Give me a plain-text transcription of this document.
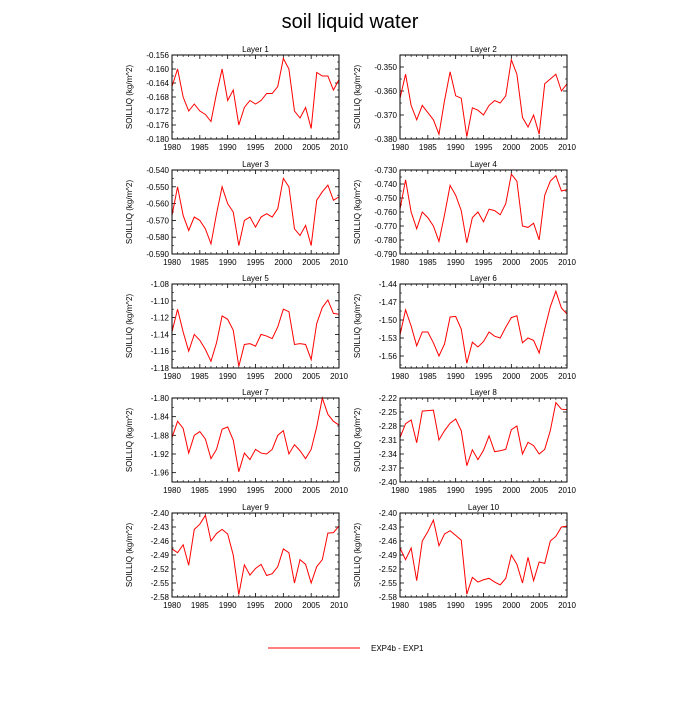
soil liquid water
Layer 1
SOILLIQ (kg/m^2)
-0.156
-0.160
-0.164
-0.168
-0.172
-0.176
-0.180
1980 1985 1990 1995 2000 2005 2010
Layer 2
SOILLIQ (kg/m^2) -0.350
-0.360
-0.370
-0.380
1980 1985 1990 1995 2000 2005 2010
Layer 3
SOILLIQ (kg/m^2)
-0.540
-0.550
-0.560
-0.570
-0.580
-0.590
1980 1985 1990 1995 2000 2005 2010
Layer 4
SOILLIQ (kg/m^2)
-0.730
-0.740
-0.750
-0.760
-0.770
-0.780
-0.790
1980 1985 1990 1995 2000 2005 2010
Layer 5
SOILLIQ (kg/m^2)
-1.08
-1.10
-1.12
-1.14
-1.16
-1.18
1980 1985 1990 1995 2000 2005 2010
Layer 6
SOILLIQ (kg/m^2)
-1.44
-1.47
-1.50
-1.53
-1.56
1980 1985 1990 1995 2000 2005 2010
Layer 7
SOILLIQ (kg/m^2)
-1.80
-1.84
-1.88
-1.92
-1.96
1980 1985 1990 1995 2000 2005 2010
Layer 8
SOILLIQ (kg/m^2)
-2.22
-2.25
-2.28
-2.31
-2.34
-2.37
-2.40
1980 1985 1990 1995 2000 2005 2010
Layer 9
SOILLIQ (kg/m^2)
-2.40
-2.43
-2.46
-2.49
-2.52
-2.55
-2.58
1980 1985 1990 1995 2000 2005 2010
Layer 10
SOILLIQ (kg/m^2)
-2.40
-2.43
-2.46
-2.49
-2.52
-2.55
-2.58
1980 1985 1990 1995 2000 2005 2010
EXP4b - EXP1
